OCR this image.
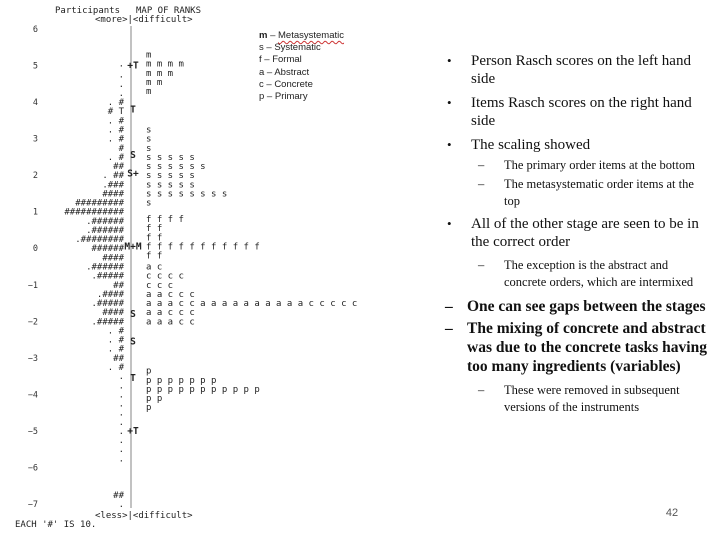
Participants MAP OF RANKS
<more>|<difficult>
6
5
4
3
2
1
0
−1
−2
−3
−4
−5
−6
−7
+T
T
S
S+
M+M
S
S
T
+T
.
.
.
.
. #
# T
. #
. #
. #
#
. #
##
. ##
.###
####
#########
###########
.######
.######
.########
######
####
.######
.#####
##
.####
.#####
####
.#####
. #
. #
. #
##
. #
.
.
.
.
.
.
.
.
.
.
##
.
m
m m m m
m m m
m m
m
s
s
s
s s s s s
s s s s s s
s s s s s
s s s s s
s s s s s s s s
s
f f f f
f f
f f
f f f f f f f f f f f
f f
a c
c c c c
c c c
a a c c c
a a a c c a a a a a a a a a a c c c c c
a a c c c
a a a c c
p
p p p p p p p
p p p p p p p p p p p
p p
p
<less>|<difficult>
EACH '#' IS 10.
m – Metasystematic
s – Systematic
f – Formal
a – Abstract
c – Concrete
p – Primary
• Person Rasch scores on the left hand side
• Items Rasch scores on the right hand side
• The scaling showed
– The primary order items at the bottom
– The metasystematic order items at the top
• All of the other stage are seen to be in the correct order
– The exception is the abstract and concrete orders, which are intermixed
– One can see gaps between the stages
– The mixing of concrete and abstract was due to the concrete tasks having too many ingredients (variables)
– These were removed in subsequent versions of the instruments
42
